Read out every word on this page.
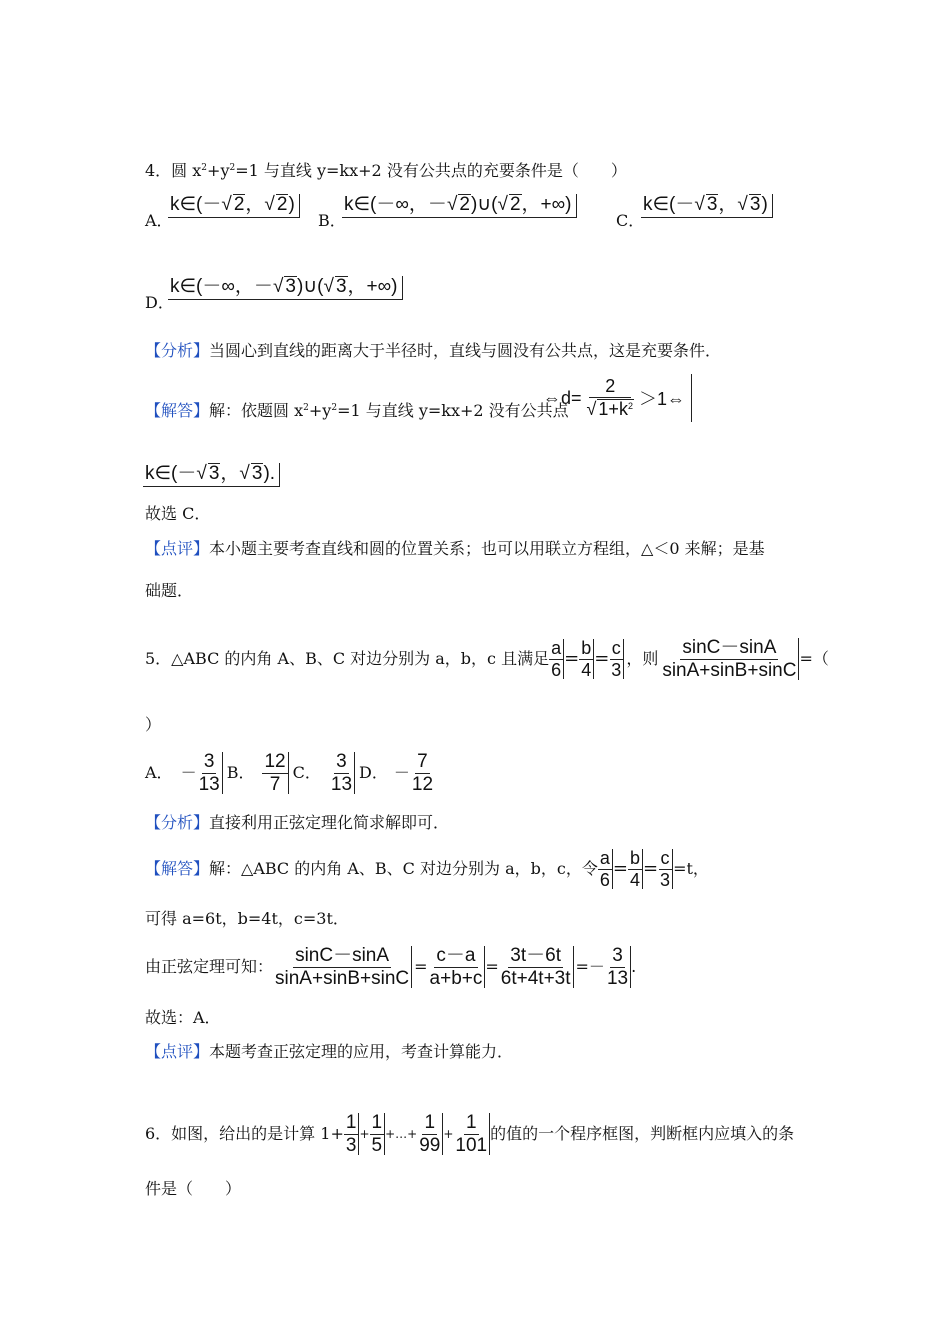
4．圆 $x^2+y^2=1$ 与直线 y=kx+2 没有公共点的充要条件是（　　）
A．
k∈(－√ 2，√ 2)
B．
k∈(－∞，－√ 2)∪(√ 2，+∞)
C．
k∈(－√ 3，√ 3)
D．
k∈(－∞，－√ 3)∪(√ 3，+∞)
【分析】当圆心到直线的距离大于半径时，直线与圆没有公共点，这是充要条件．
【解答】解：依题圆 $x^2+y^2=1$ 与直线 y=kx+2 没有公共点
⇔d= $\frac{2}{√ 1+k^2}$ ＞1⇔
k∈(－√ 3，√ 3).
故选 C．
【点评】本小题主要考查直线和圆的位置关系；也可以用联立方程组，△＜0 来解；是基
础题．
5．△ABC 的内角 A、B、C 对边分别为 a，b，c 且满足 $\frac{a}{6} = \frac{b}{4} = \frac{c}{3}$ ，则 $\frac{\sin C-\sin A}{\sin A+\sin B+\sin C}$ =（
）
A． － $\frac{3}{13}$ B． $\frac{12}{7}$ C． $\frac{3}{13}$ D． － $\frac{7}{12}$
【分析】直接利用正弦定理化简求解即可．
【解答】 解：△ABC 的内角 A、B、C 对边分别为 a，b，c，令 $\frac{a}{6} = \frac{b}{4} = \frac{c}{3} =t$，
可得 a=6t，b=4t，c=3t．
由正弦定理可知： $\frac{\sin C-\sin A}{\sin A+\sin B+\sin C} = \frac{c-a}{a+b+c} = \frac{3t-6t}{6t+4t+3t} =- \frac{3}{13}$ .
故选：A．
【点评】本题考查正弦定理的应用，考查计算能力．
6．如图，给出的是计算 $1+ \frac{1}{3} + \frac{1}{5}$ +…+ $\frac{1}{99} + \frac{1}{101}$ 的值的一个程序框图，判断框内应填入的条
件是（　　）
